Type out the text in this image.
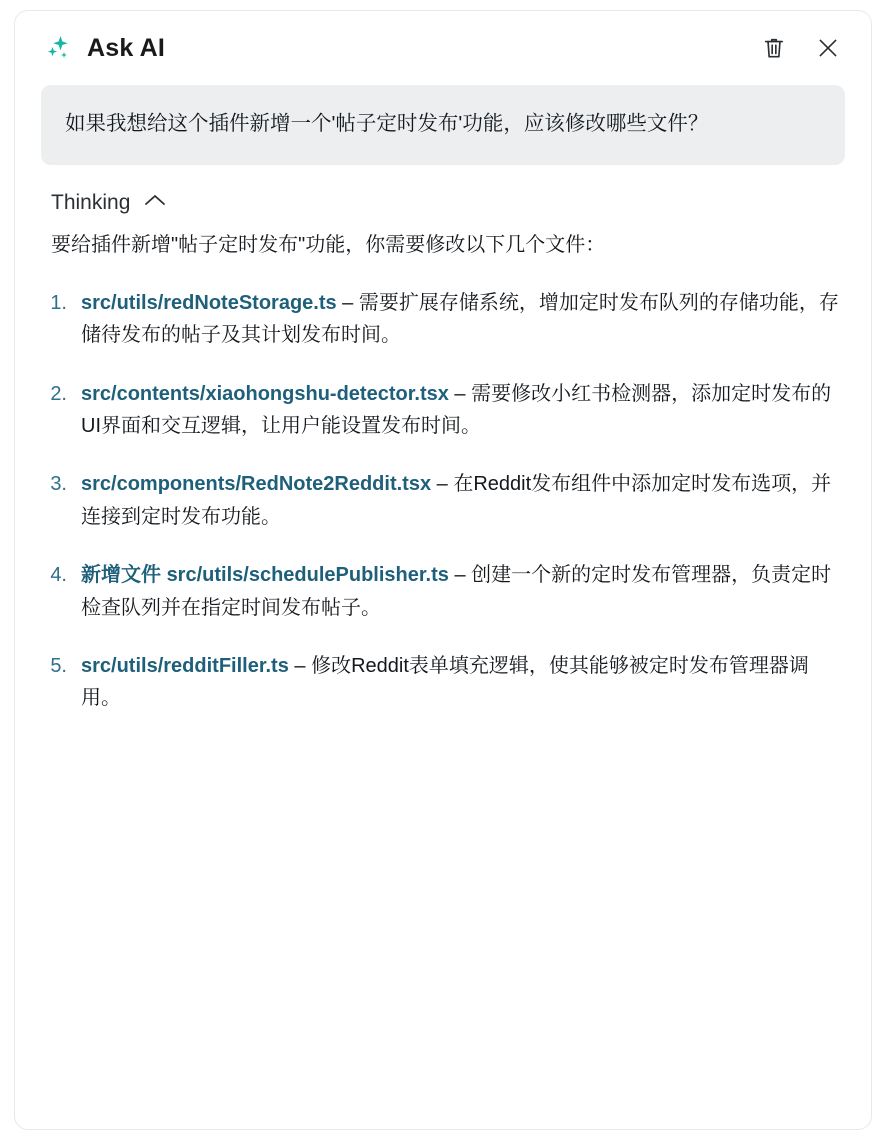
Ask AI
如果我想给这个插件新增一个'帖子定时发布'功能，应该修改哪些文件？
Thinking

要给插件新增"帖子定时发布"功能，你需要修改以下几个文件：

1. src/utils/redNoteStorage.ts – 需要扩展存储系统，增加定时发布队列的存储功能，存储待发布的帖子及其计划发布时间。
2. src/contents/xiaohongshu-detector.tsx – 需要修改小红书检测器，添加定时发布的UI界面和交互逻辑，让用户能设置发布时间。
3. src/components/RedNote2Reddit.tsx – 在Reddit发布组件中添加定时发布选项，并连接到定时发布功能。
4. 新增文件 src/utils/schedulePublisher.ts – 创建一个新的定时发布管理器，负责定时检查队列并在指定时间发布帖子。
5. src/utils/redditFiller.ts – 修改Reddit表单填充逻辑，使其能够被定时发布管理器调用。
